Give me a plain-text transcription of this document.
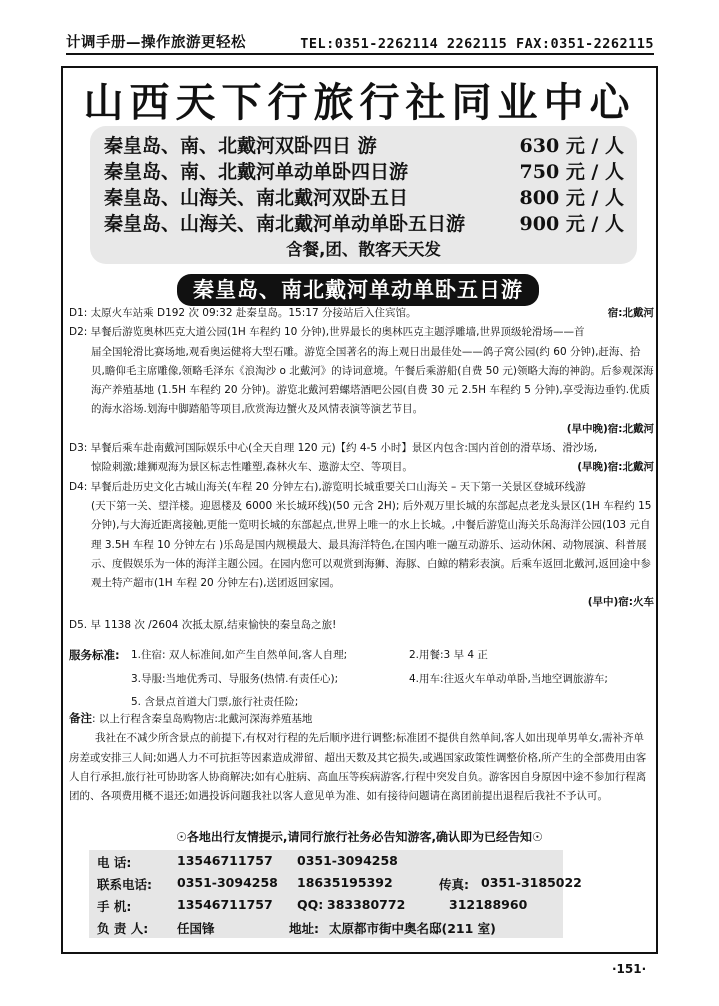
计调手册—操作旅游更轻松	TEL:0351-2262114 2262115 FAX:0351-2262115
山西天下行旅行社同业中心
秦皇岛、南、北戴河双卧四日 游	630 元 / 人
秦皇岛、南、北戴河单动单卧四日游	750 元 / 人
秦皇岛、山海关、南北戴河双卧五日	800 元 / 人
秦皇岛、山海关、南北戴河单动单卧五日游	900 元 / 人
含餐,团、散客天天发
秦皇岛、南北戴河单动单卧五日游
D1: 太原火车站乘 D192 次 09:32 赴秦皇岛。15:17 分接站后入住宾馆。	宿:北戴河
D2: 早餐后游览奥林匹克大道公园(1H 车程约 10 分钟),世界最长的奥林匹克主题浮雕墙,世界顶级轮滑场——首
届全国轮滑比赛场地,观看奥运健将大型石雕。游览全国著名的海上观日出最佳处——鸽子窝公园(约 60 分钟),赶海、拾贝,瞻仰毛主席雕像,领略毛泽东《浪淘沙 o 北戴河》的诗词意境。午餐后乘游船(自费 50 元)领略大海的神韵。后参观深海海产养殖基地 (1.5H 车程约 20 分钟)。游览北戴河碧螺塔酒吧公园(自费 30 元 2.5H 车程约 5 分钟),享受海边垂钓.优质的海水浴场.划海中脚踏船等项目,欣赏海边蟹火及风情表演等演艺节目。
(早中晚)宿:北戴河
D3: 早餐后乘车赴南戴河国际娱乐中心(全天自理 120 元)【约 4-5 小时】景区内包含:国内首创的滑草场、滑沙场,
惊险刺激;雄狮观海为景区标志性雕塑,森林火车、遨游太空、等项目。	(早晚)宿:北戴河
D4: 早餐后赴历史文化古城山海关(车程 20 分钟左右),游览明长城重要关口山海关 – 天下第一关景区登城环线游
(天下第一关、望洋楼。迎恩楼及 6000 米长城环线)(50 元含 2H); 后外观万里长城的东部起点老龙头景区(1H 车程约 15 分钟),与大海近距离接触,更能一览明长城的东部起点,世界上唯一的水上长城。,中餐后游览山海关乐岛海洋公园(103 元自理 3.5H 车程 10 分钟左右 )乐岛是国内规模最大、最具海洋特色,在国内唯一融互动游乐、运动休闲、动物展演、科普展示、度假娱乐为一体的海洋主题公园。在园内您可以观赏到海狮、海豚、白鲸的精彩表演。后乘车返回北戴河,返回途中参观土特产超市(1H 车程 20 分钟左右),送团返回家园。
(早中)宿:火车
D5. 早 1138 次 /2604 次抵太原,结束愉快的秦皇岛之旅!
服务标准:	1.住宿: 双人标准间,如产生自然单间,客人自理;	2.用餐:3 早 4 正
3.导服:当地优秀司、导服务(热情.有责任心);	4.用车:往返火车单动单卧,当地空调旅游车;
5. 含景点首道大门票,旅行社责任险;
备注: 以上行程含秦皇岛购物店:北戴河深海养殖基地
我社在不减少所含景点的前提下,有权对行程的先后顺序进行调整;标准团不提供自然单间,客人如出现单男单女,需补齐单房差或安排三人间;如遇人力不可抗拒等因素造成滞留、超出天数及其它损失,或遇国家政策性调整价格,所产生的全部费用由客人自行承担,旅行社可协助客人协商解决;如有心脏病、高血压等疾病游客,行程中突发自负。游客因自身原因中途不参加行程离团的、各项费用概不退还;如遇投诉问题我社以客人意见单为准、如有接待问题请在离团前提出退程后我社不予认可。
☉各地出行友情提示,请同行旅行社务必告知游客,确认即为已经告知☉
电 话:	13546711757 0351-3094258
联系电话: 0351-3094258 18635195392	传真: 0351-3185022
手 机:	13546711757 QQ: 383380772	312188960
负 责 人: 任国锋	地址: 太原都市街中奥名邸(211 室)
·151·
